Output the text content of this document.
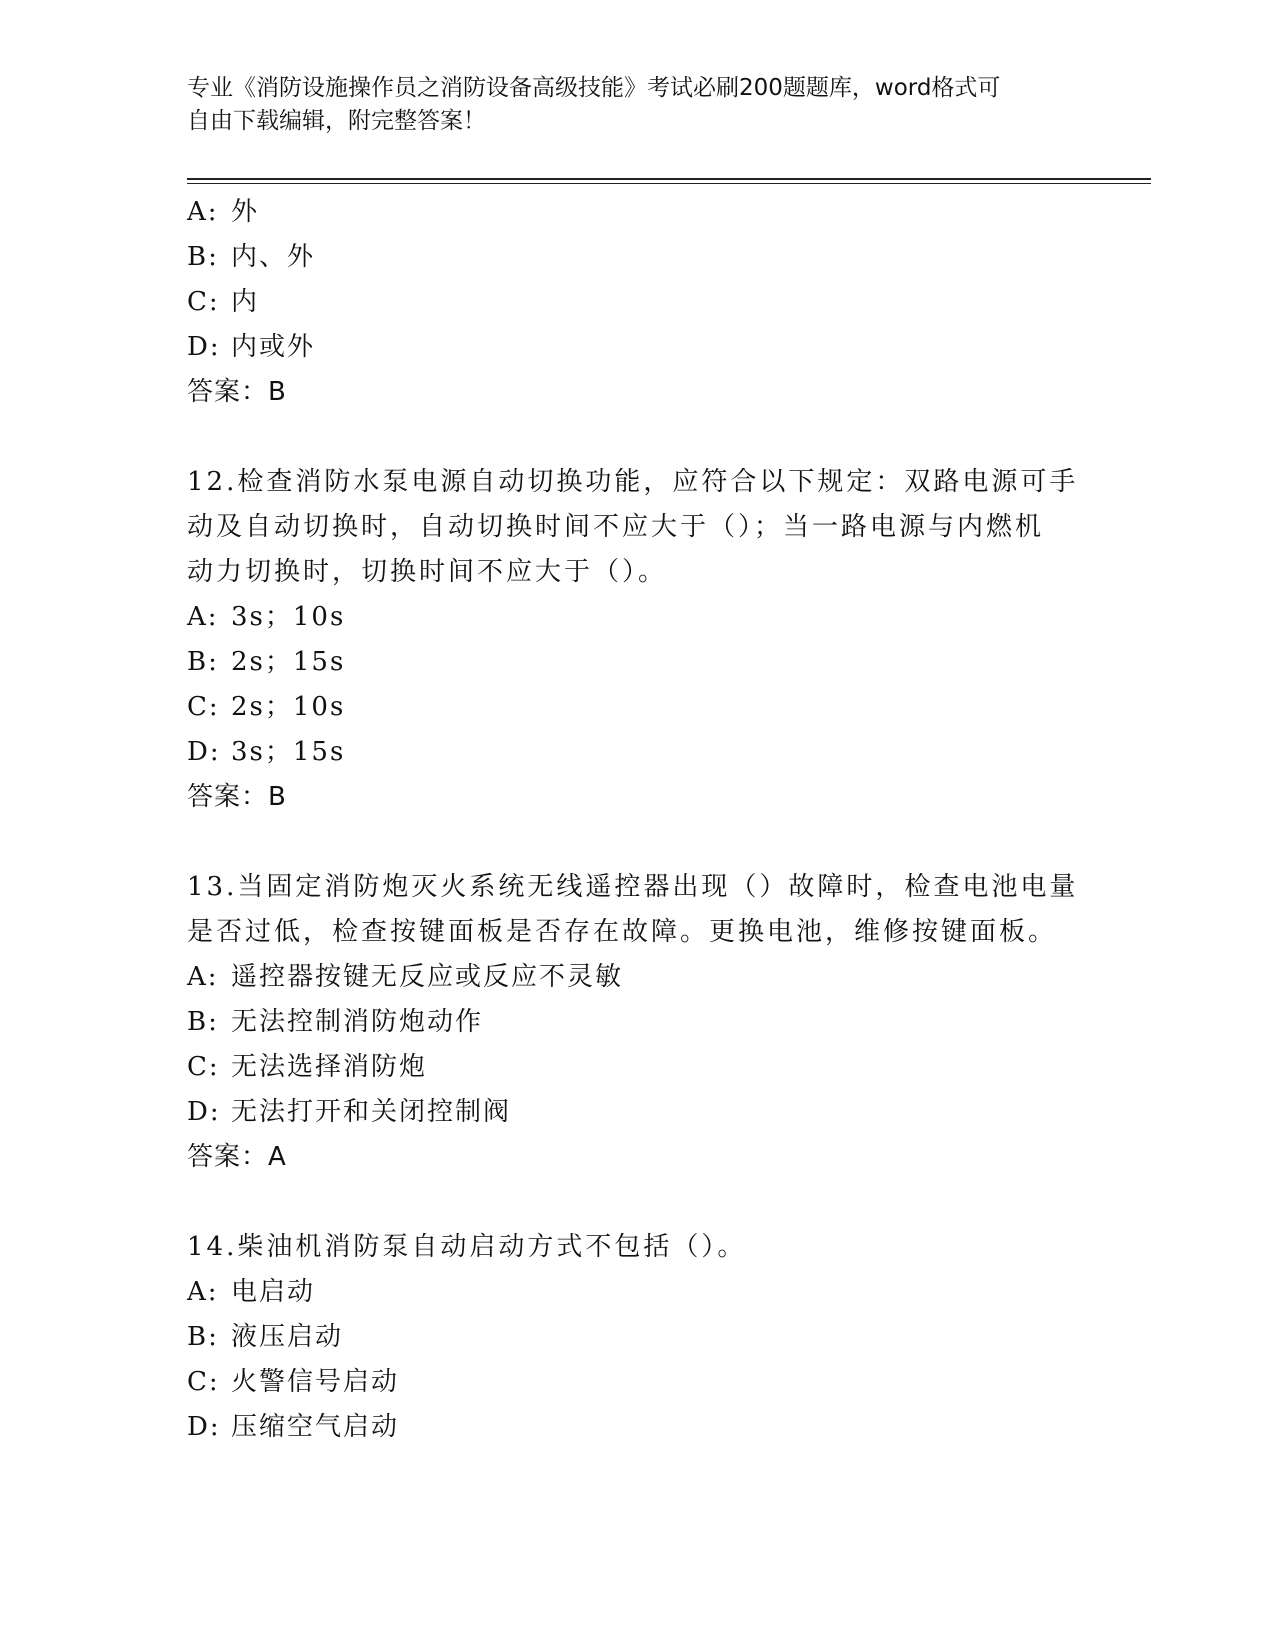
专业《消防设施操作员之消防设备高级技能》考试必刷200题题库，word格式可
自由下载编辑，附完整答案！
A: 外
B: 内、外
C: 内
D: 内或外
答案：B
12.检查消防水泵电源自动切换功能，应符合以下规定：双路电源可手
动及自动切换时，自动切换时间不应大于（）；当一路电源与内燃机
动力切换时，切换时间不应大于（）。
A: 3s；10s
B: 2s；15s
C: 2s；10s
D: 3s；15s
答案：B
13.当固定消防炮灭火系统无线遥控器出现（）故障时，检查电池电量
是否过低，检查按键面板是否存在故障。更换电池，维修按键面板。
A: 遥控器按键无反应或反应不灵敏
B: 无法控制消防炮动作
C: 无法选择消防炮
D: 无法打开和关闭控制阀
答案：A
14.柴油机消防泵自动启动方式不包括（）。
A: 电启动
B: 液压启动
C: 火警信号启动
D: 压缩空气启动
